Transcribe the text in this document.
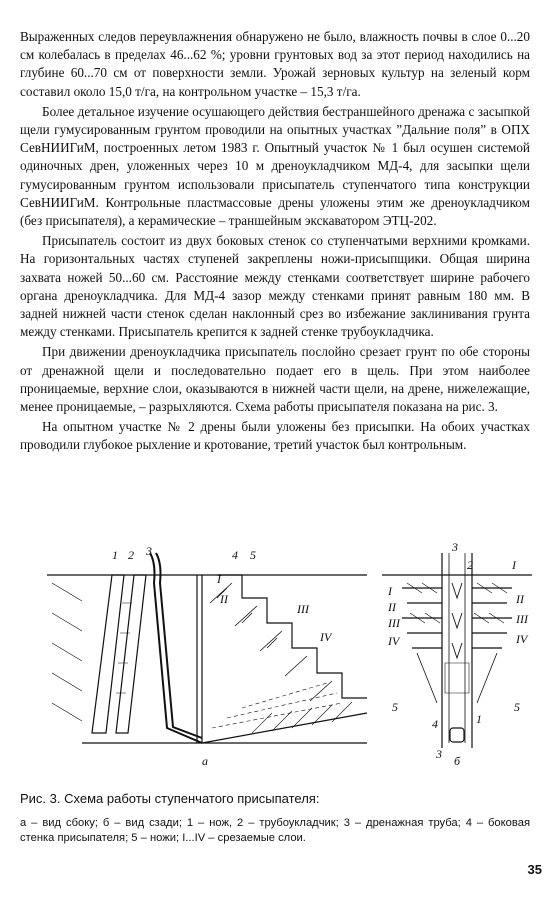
Выраженных следов переувлажнения обнаружено не было, влажность почвы в слое 0...20 см колебалась в пределах 46...62 %; уровни грунтовых вод за этот период находились на глубине 60...70 см от поверхности земли. Урожай зерновых культур на зеленый корм составил около 15,0 т/га, на контрольном участке – 15,3 т/га.

Более детальное изучение осушающего действия бестраншейного дренажа с засыпкой щели гумусированным грунтом проводили на опытных участках ”Дальние поля” в ОПХ СевНИИГиМ, построенных летом 1983 г. Опытный участок № 1 был осушен системой одиночных дрен, уложенных через 10 м дреноукладчиком МД-4, для засыпки щели гумусированным грунтом использовали присыпатель ступенчатого типа конструкции СевНИИГиМ. Контрольные пластмассовые дрены уложены этим же дреноукладчиком (без присыпателя), а керамические – траншейным экскаватором ЭТЦ-202.

Присыпатель состоит из двух боковых стенок со ступенчатыми верхними кромками. На горизонтальных частях ступеней закреплены ножи-присыпщики. Общая ширина захвата ножей 50...60 см. Расстояние между стенками соответствует ширине рабочего органа дреноукладчика. Для МД-4 зазор между стенками принят равным 180 мм. В задней нижней части стенок сделан наклонный срез во избежание заклинивания грунта между стенками. Присыпатель крепится к задней стенке трубоукладчика.

При движении дреноукладчика присыпатель послойно срезает грунт по обе стороны от дренажной щели и последовательно подает его в щель. При этом наиболее проницаемые, верхние слои, оказываются в нижней части щели, на дрене, нижележащие, менее проницаемые, – разрыхляются. Схема работы присыпателя показана на рис. 3.

На опытном участке № 2 дрены были уложены без присыпки. На обоих участках проводили глубокое рыхление и кротование, третий участок был контрольным.

1 2 3	4 5
I
II
III
IV
а
3
2	I
I
II
III
II
III
IV	IV
5	5
4	1
3 б
Рис. 3. Схема работы ступенчатого присыпателя:
а – вид сбоку; б – вид сзади; 1 – нож, 2 – трубоукладчик; 3 – дренажная труба; 4 – боковая стенка присыпателя; 5 – ножи; I...IV – срезаемые слои.
35
